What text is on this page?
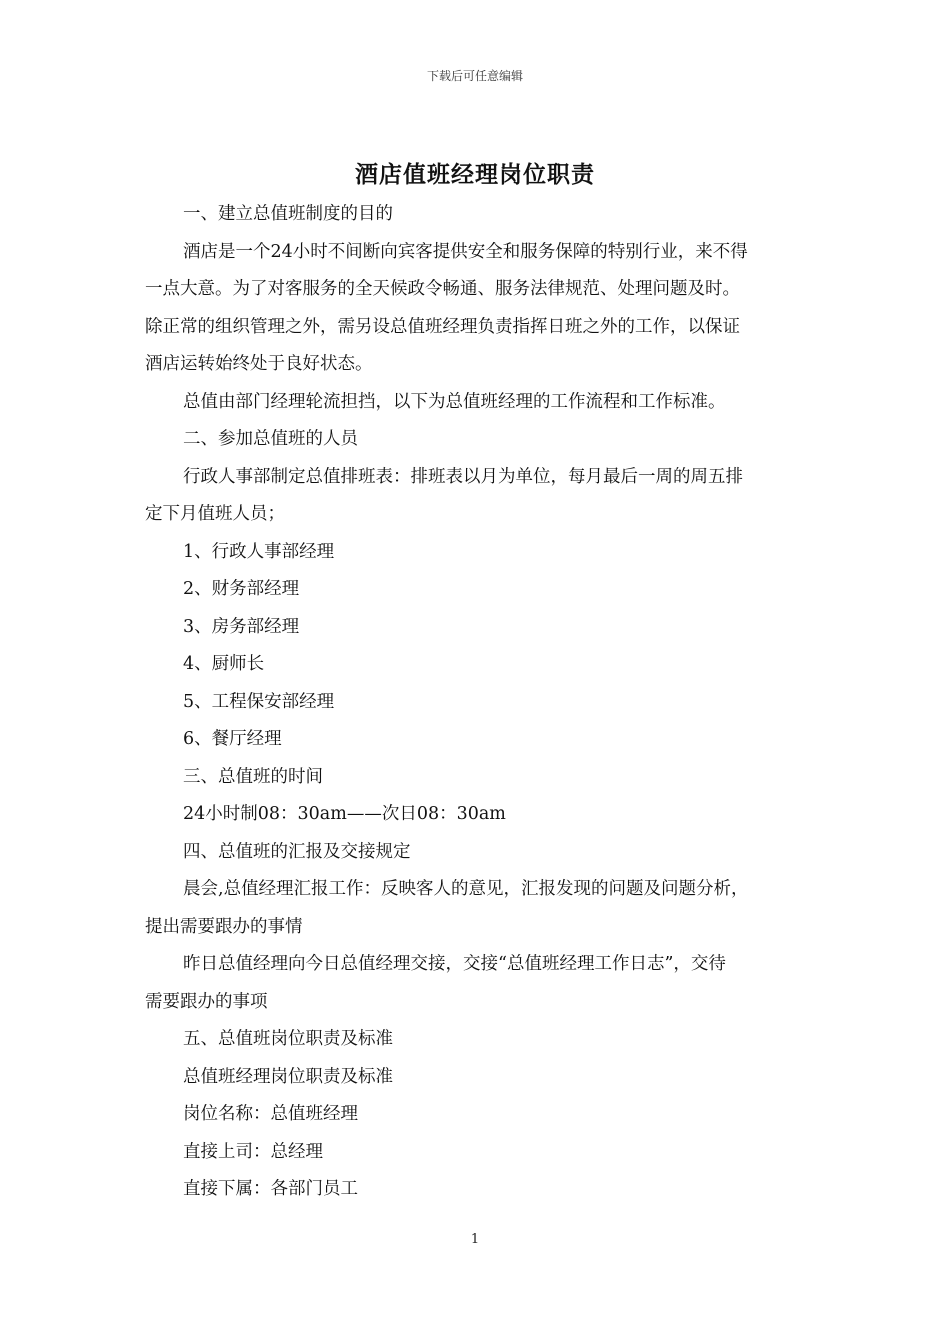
下载后可任意编辑
酒店值班经理岗位职责

一、建立总值班制度的目的

酒店是一个24小时不间断向宾客提供安全和服务保障的特别行业，来不得

一点大意。为了对客服务的全天候政令畅通、服务法律规范、处理问题及时。

除正常的组织管理之外，需另设总值班经理负责指挥日班之外的工作，以保证

酒店运转始终处于良好状态。

总值由部门经理轮流担挡，以下为总值班经理的工作流程和工作标准。

二、参加总值班的人员

行政人事部制定总值排班表：排班表以月为单位，每月最后一周的周五排

定下月值班人员；

1、行政人事部经理

2、财务部经理

3、房务部经理

4、厨师长

5、工程保安部经理

6、餐厅经理

三、总值班的时间

24小时制08：30am——次日08：30am

四、总值班的汇报及交接规定

晨会,总值经理汇报工作：反映客人的意见，汇报发现的问题及问题分析，

提出需要跟办的事情

昨日总值经理向今日总值经理交接，交接“总值班经理工作日志”，交待

需要跟办的事项

五、总值班岗位职责及标准

总值班经理岗位职责及标准

岗位名称：总值班经理

直接上司：总经理

直接下属：各部门员工

1
